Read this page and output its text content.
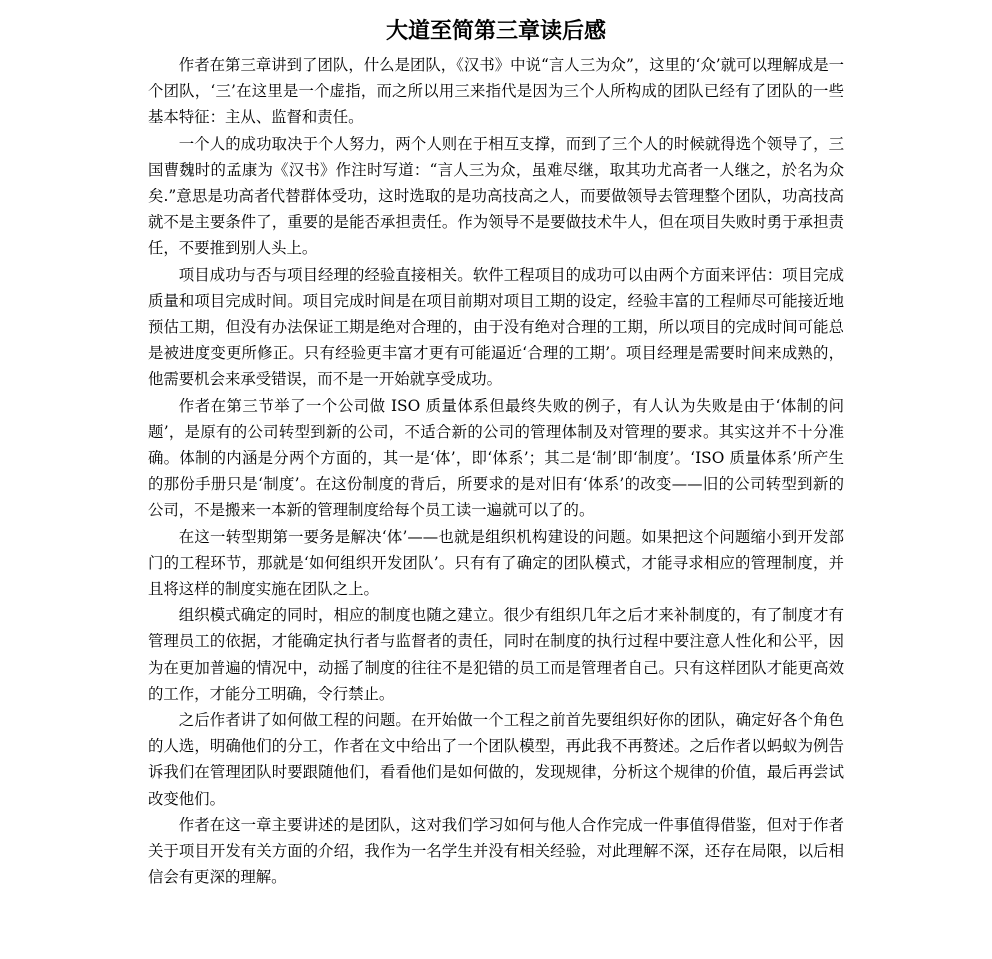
大道至简第三章读后感

作者在第三章讲到了团队，什么是团队，《汉书》中说“言人三为众”，这里的‘众’就可以理解成是一个团队，‘三’在这里是一个虚指，而之所以用三来指代是因为三个人所构成的团队已经有了团队的一些基本特征：主从、监督和责任。

一个人的成功取决于个人努力，两个人则在于相互支撑，而到了三个人的时候就得选个领导了，三国曹魏时的孟康为《汉书》作注时写道：“言人三为众，虽难尽继，取其功尤高者一人继之，於名为众矣.”意思是功高者代替群体受功，这时选取的是功高技高之人，而要做领导去管理整个团队，功高技高就不是主要条件了，重要的是能否承担责任。作为领导不是要做技术牛人，但在项目失败时勇于承担责任，不要推到别人头上。

项目成功与否与项目经理的经验直接相关。软件工程项目的成功可以由两个方面来评估：项目完成质量和项目完成时间。项目完成时间是在项目前期对项目工期的设定，经验丰富的工程师尽可能接近地预估工期，但没有办法保证工期是绝对合理的，由于没有绝对合理的工期，所以项目的完成时间可能总是被进度变更所修正。只有经验更丰富才更有可能逼近‘合理的工期’。项目经理是需要时间来成熟的，他需要机会来承受错误，而不是一开始就享受成功。

作者在第三节举了一个公司做 ISO 质量体系但最终失败的例子，有人认为失败是由于‘体制的问题’，是原有的公司转型到新的公司，不适合新的公司的管理体制及对管理的要求。其实这并不十分准确。体制的内涵是分两个方面的，其一是‘体’，即‘体系’；其二是‘制’即‘制度’。‘ISO 质量体系’所产生的那份手册只是‘制度’。在这份制度的背后，所要求的是对旧有‘体系’的改变——旧的公司转型到新的公司，不是搬来一本新的管理制度给每个员工读一遍就可以了的。

在这一转型期第一要务是解决‘体’——也就是组织机构建设的问题。如果把这个问题缩小到开发部门的工程环节，那就是‘如何组织开发团队’。只有有了确定的团队模式，才能寻求相应的管理制度，并且将这样的制度实施在团队之上。

组织模式确定的同时，相应的制度也随之建立。很少有组织几年之后才来补制度的，有了制度才有管理员工的依据，才能确定执行者与监督者的责任，同时在制度的执行过程中要注意人性化和公平，因为在更加普遍的情况中，动摇了制度的往往不是犯错的员工而是管理者自己。只有这样团队才能更高效的工作，才能分工明确，令行禁止。

之后作者讲了如何做工程的问题。在开始做一个工程之前首先要组织好你的团队，确定好各个角色的人选，明确他们的分工，作者在文中给出了一个团队模型，再此我不再赘述。之后作者以蚂蚁为例告诉我们在管理团队时要跟随他们，看看他们是如何做的，发现规律，分析这个规律的价值，最后再尝试改变他们。

作者在这一章主要讲述的是团队，这对我们学习如何与他人合作完成一件事值得借鉴，但对于作者关于项目开发有关方面的介绍，我作为一名学生并没有相关经验，对此理解不深，还存在局限，以后相信会有更深的理解。
